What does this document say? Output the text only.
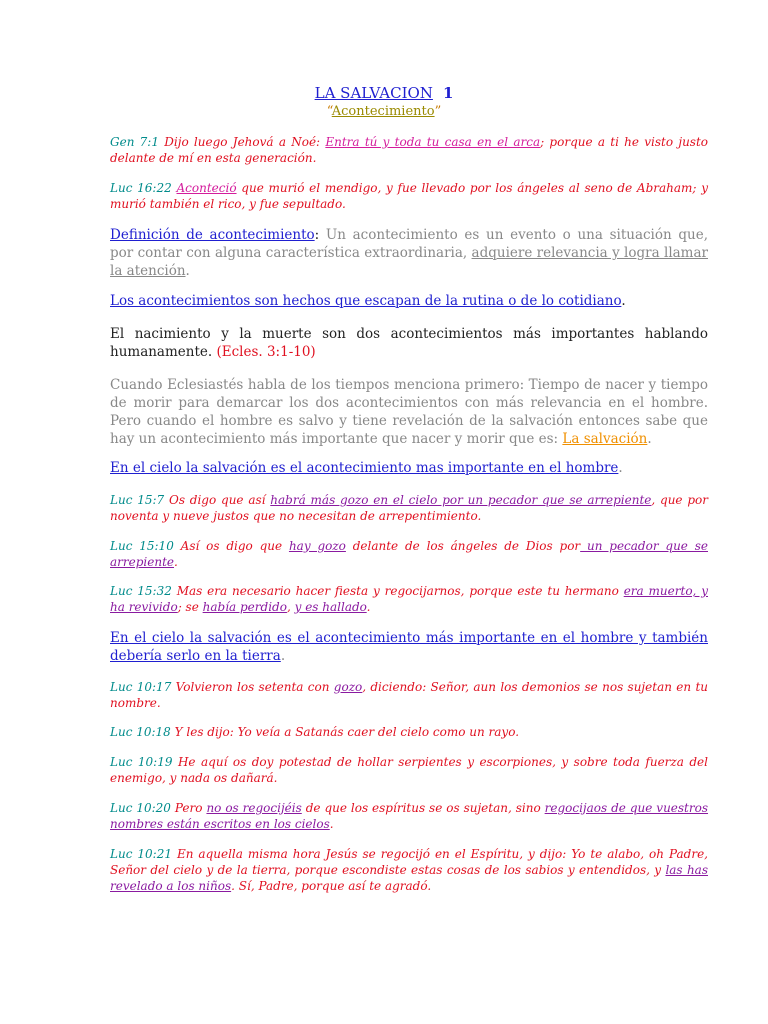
LA SALVACION 1
“Acontecimiento”
Gen 7:1 Dijo luego Jehová a Noé: Entra tú y toda tu casa en el arca; porque a ti he visto justo delante de mí en esta generación.
Luc 16:22 Aconteció que murió el mendigo, y fue llevado por los ángeles al seno de Abraham; y murió también el rico, y fue sepultado.
Definición de acontecimiento: Un acontecimiento es un evento o una situación que, por contar con alguna característica extraordinaria, adquiere relevancia y logra llamar la atención.
Los acontecimientos son hechos que escapan de la rutina o de lo cotidiano.
El nacimiento y la muerte son dos acontecimientos más importantes hablando humanamente. (Ecles. 3:1-10)
Cuando Eclesiastés habla de los tiempos menciona primero: Tiempo de nacer y tiempo de morir para demarcar los dos acontecimientos con más relevancia en el hombre. Pero cuando el hombre es salvo y tiene revelación de la salvación entonces sabe que hay un acontecimiento más importante que nacer y morir que es: La salvación.
En el cielo la salvación es el acontecimiento mas importante en el hombre.
Luc 15:7 Os digo que así habrá más gozo en el cielo por un pecador que se arrepiente, que por noventa y nueve justos que no necesitan de arrepentimiento.
Luc 15:10 Así os digo que hay gozo delante de los ángeles de Dios por un pecador que se arrepiente.
Luc 15:32 Mas era necesario hacer fiesta y regocijarnos, porque este tu hermano era muerto, y ha revivido; se había perdido, y es hallado.
En el cielo la salvación es el acontecimiento más importante en el hombre y también debería serlo en la tierra.
Luc 10:17 Volvieron los setenta con gozo, diciendo: Señor, aun los demonios se nos sujetan en tu nombre.
Luc 10:18 Y les dijo: Yo veía a Satanás caer del cielo como un rayo.
Luc 10:19 He aquí os doy potestad de hollar serpientes y escorpiones, y sobre toda fuerza del enemigo, y nada os dañará.
Luc 10:20 Pero no os regocijéis de que los espíritus se os sujetan, sino regocijaos de que vuestros nombres están escritos en los cielos.
Luc 10:21 En aquella misma hora Jesús se regocijó en el Espíritu, y dijo: Yo te alabo, oh Padre, Señor del cielo y de la tierra, porque escondiste estas cosas de los sabios y entendidos, y las has revelado a los niños. Sí, Padre, porque así te agradó.
